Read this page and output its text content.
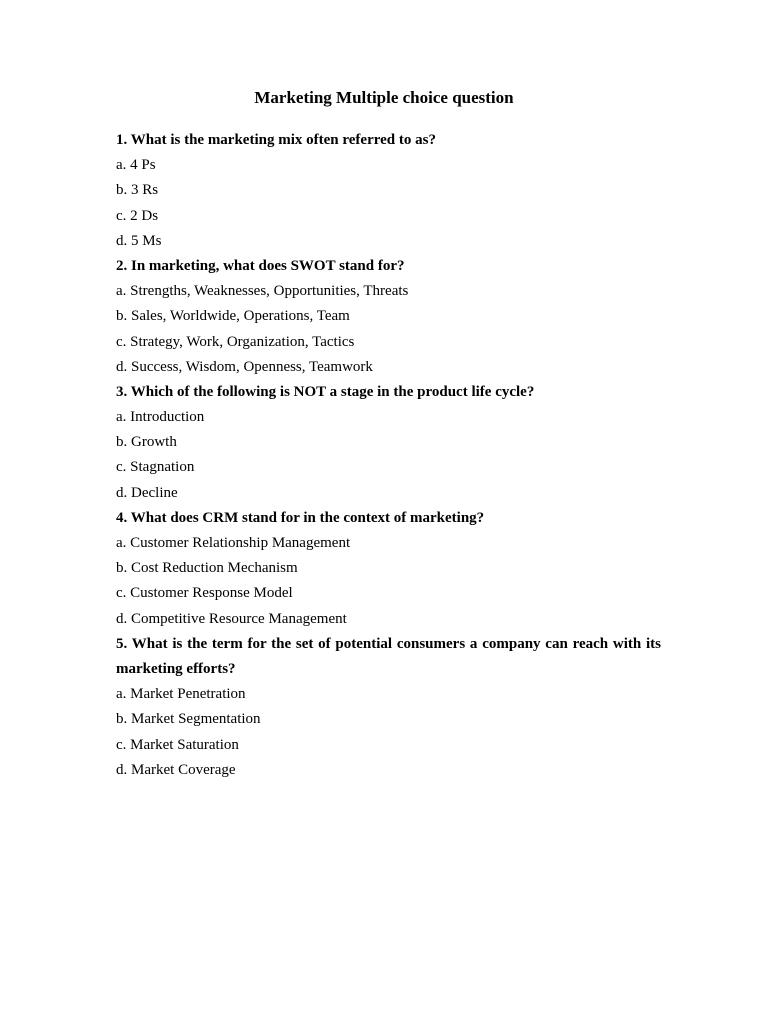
Marketing Multiple choice question
1. What is the marketing mix often referred to as?
a. 4 Ps
b. 3 Rs
c. 2 Ds
d. 5 Ms
2. In marketing, what does SWOT stand for?
a. Strengths, Weaknesses, Opportunities, Threats
b. Sales, Worldwide, Operations, Team
c. Strategy, Work, Organization, Tactics
d. Success, Wisdom, Openness, Teamwork
3. Which of the following is NOT a stage in the product life cycle?
a. Introduction
b. Growth
c. Stagnation
d. Decline
4. What does CRM stand for in the context of marketing?
a. Customer Relationship Management
b. Cost Reduction Mechanism
c. Customer Response Model
d. Competitive Resource Management
5. What is the term for the set of potential consumers a company can reach with its marketing efforts?
a. Market Penetration
b. Market Segmentation
c. Market Saturation
d. Market Coverage
